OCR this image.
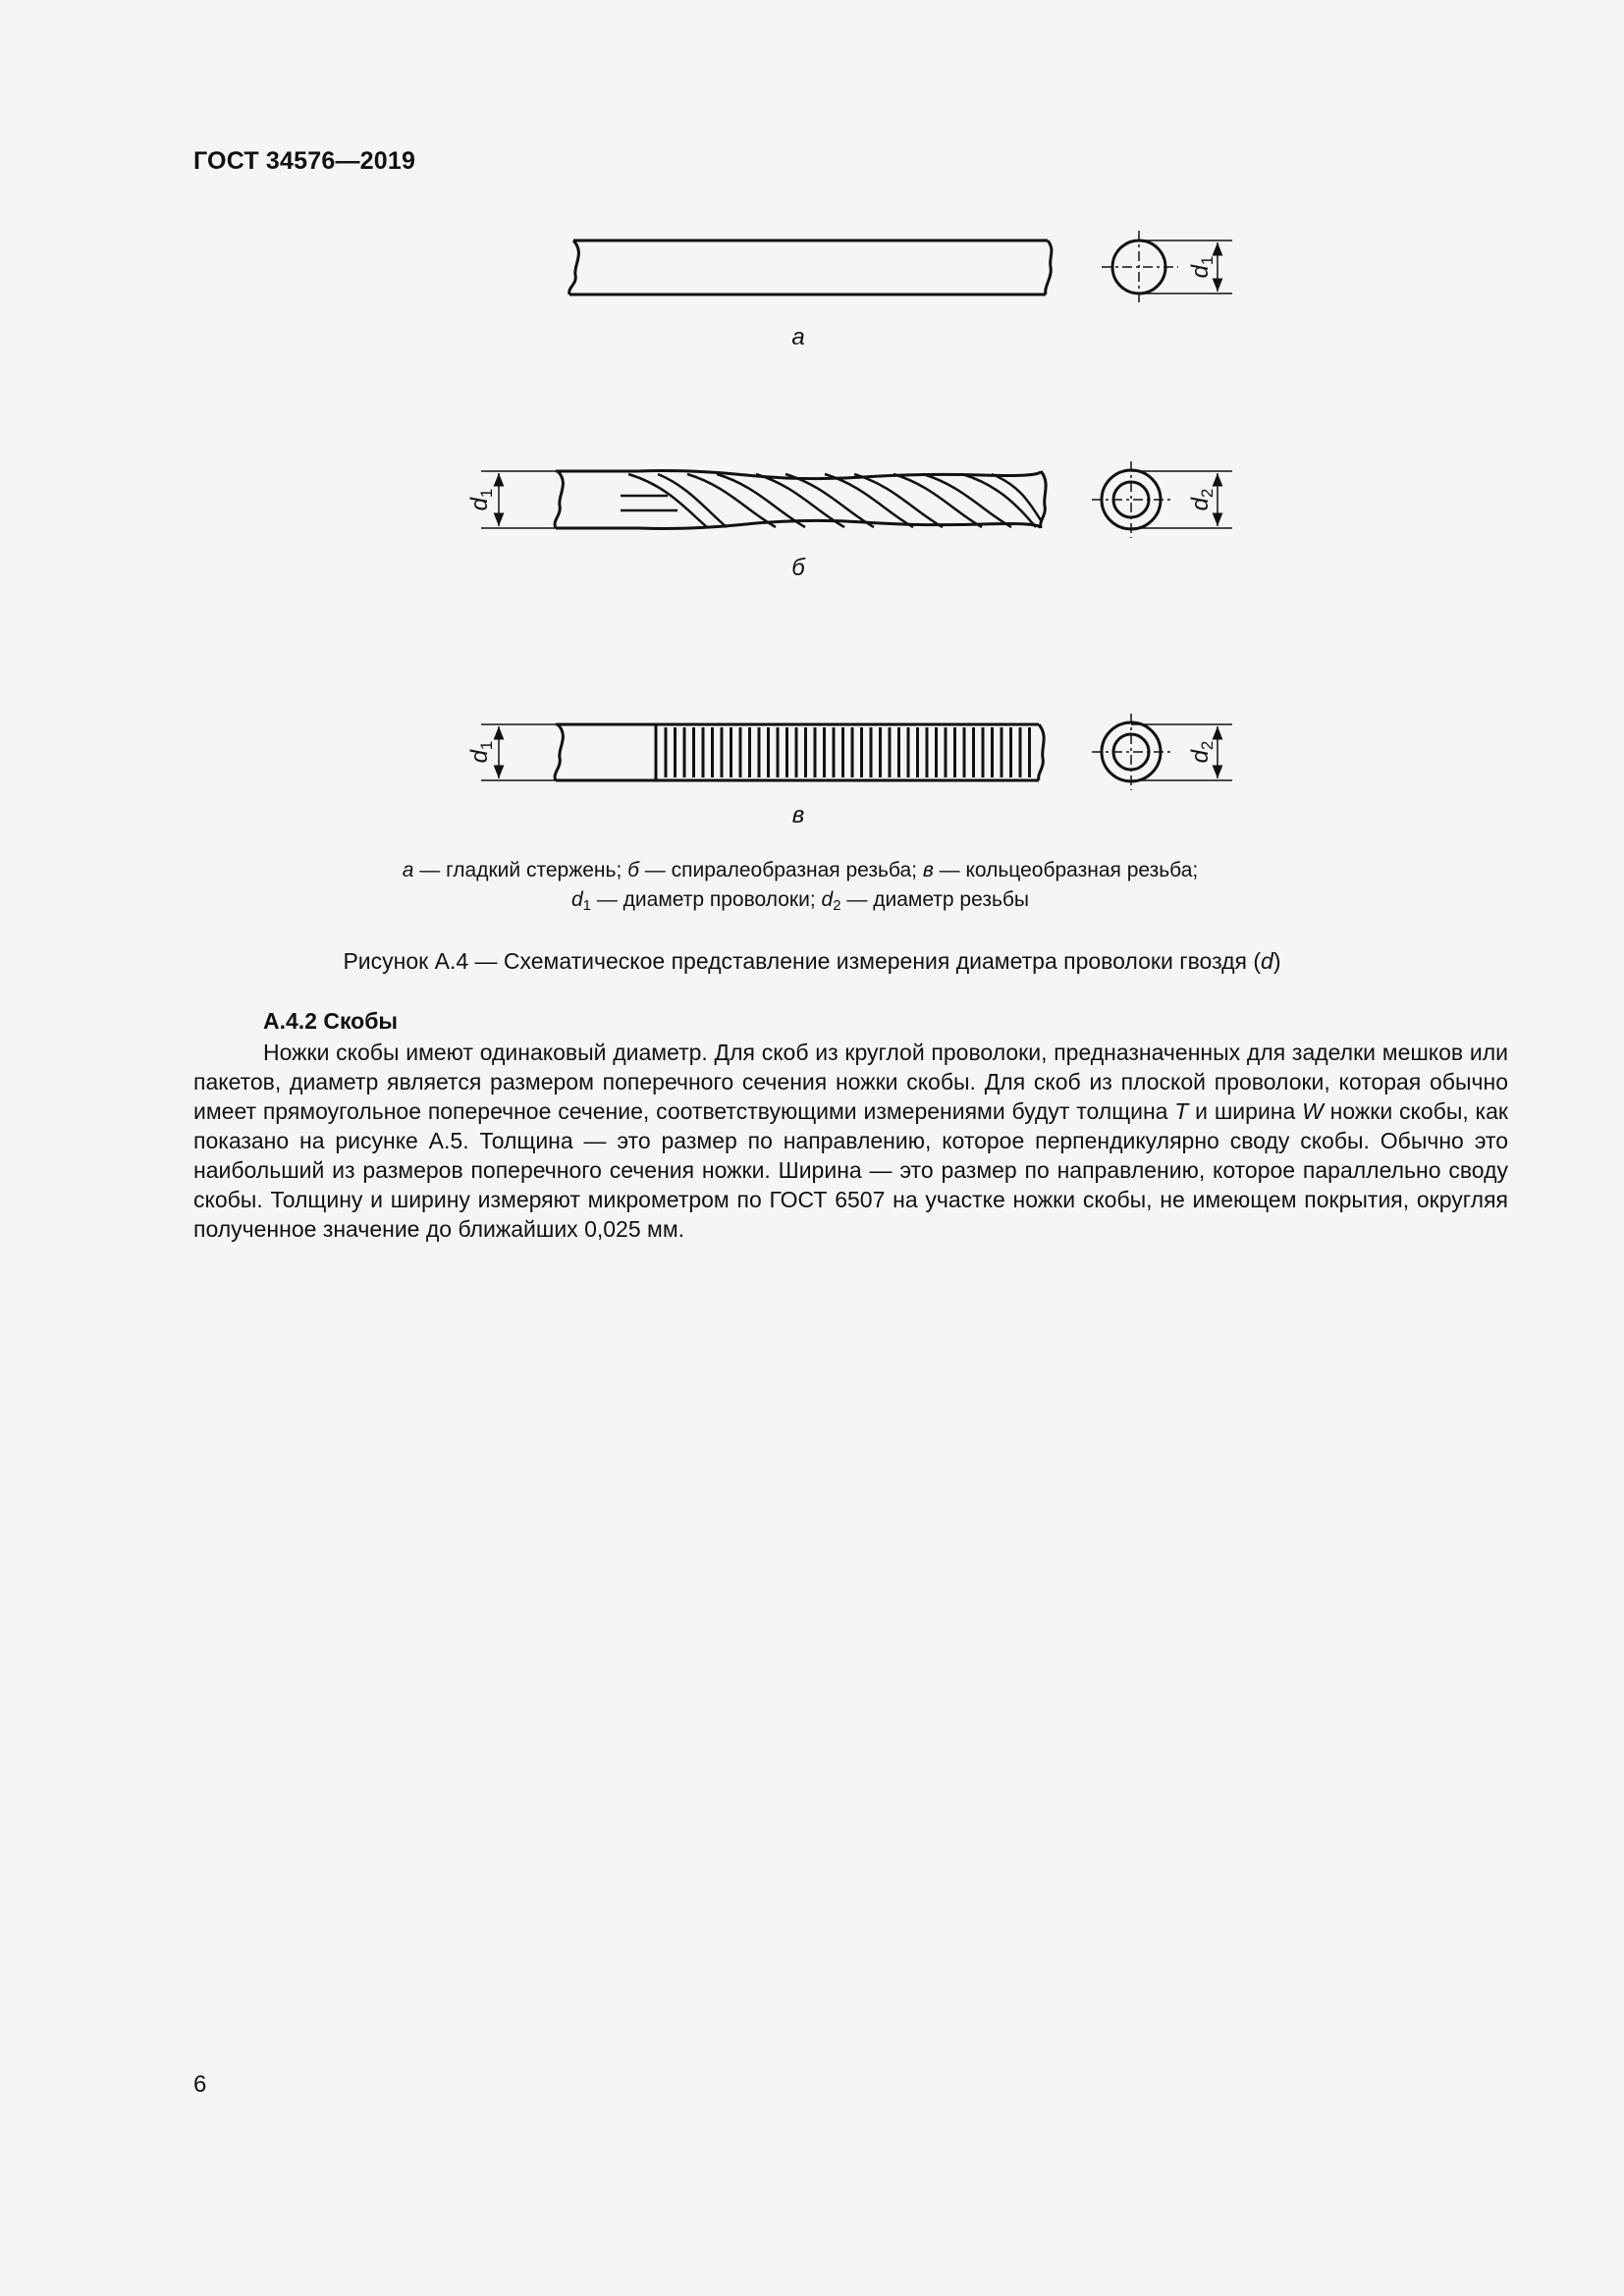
ГОСТ 34576—2019
$d_1$
$d_1$
$d_2$
$d_1$
$d_2$
а
б
в
а — гладкий стержень; б — спиралеобразная резьба; в — кольцеобразная резьба;
$d_1$ — диаметр проволоки; $d_2$ — диаметр резьбы
Рисунок А.4 — Схематическое представление измерения диаметра проволоки гвоздя (d)
А.4.2 Скобы

Ножки скобы имеют одинаковый диаметр. Для скоб из круглой проволоки, предназначенных для заделки мешков или пакетов, диаметр является размером поперечного сечения ножки скобы. Для скоб из плоской проволоки, которая обычно имеет прямоугольное поперечное сечение, соответствующими измерениями будут толщина T и ширина W ножки скобы, как показано на рисунке А.5. Толщина — это размер по направлению, которое перпендикулярно своду скобы. Обычно это наибольший из размеров поперечного сечения ножки. Ширина — это размер по направлению, которое параллельно своду скобы. Толщину и ширину измеряют микрометром по ГОСТ 6507 на участке ножки скобы, не имеющем покрытия, округляя полученное значение до ближайших 0,025 мм.

6
